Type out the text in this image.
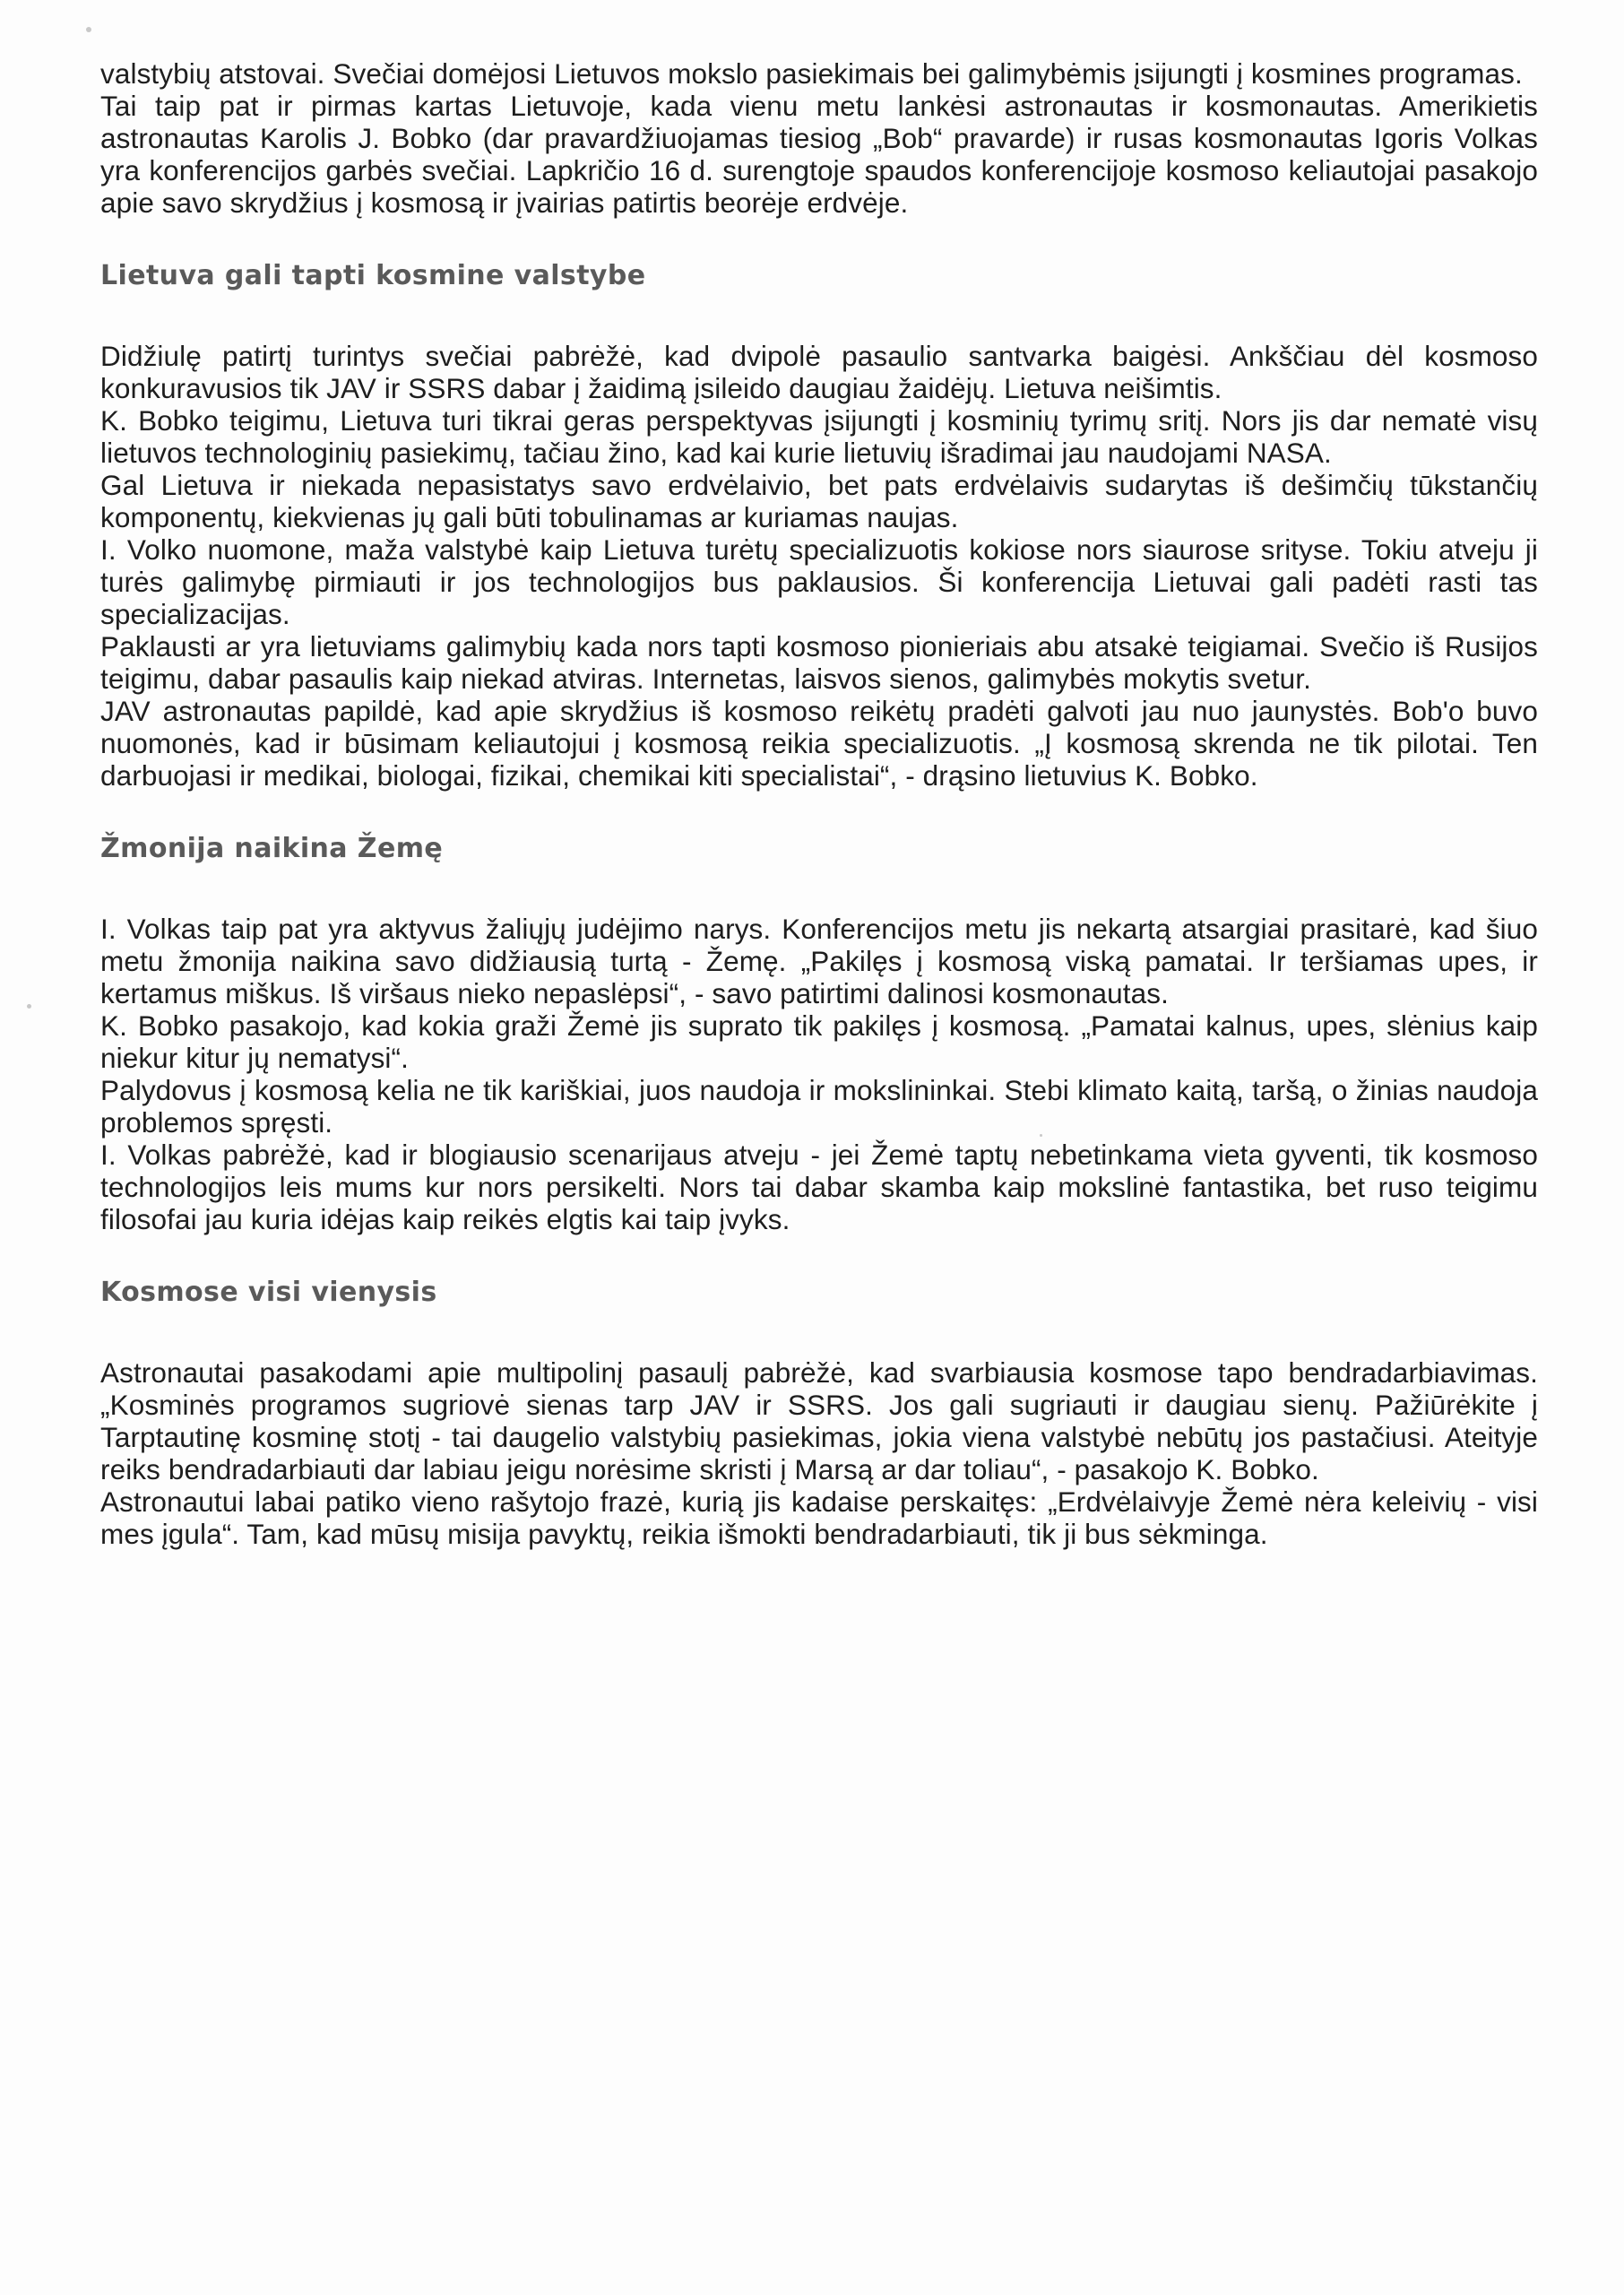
valstybių atstovai. Svečiai domėjosi Lietuvos mokslo pasiekimais bei galimybėmis įsijungti į kosmines programas.

Tai taip pat ir pirmas kartas Lietuvoje, kada vienu metu lankėsi astronautas ir kosmonautas. Amerikietis astronautas Karolis J. Bobko (dar pravardžiuojamas tiesiog „Bob“ pravarde) ir rusas kosmonautas Igoris Volkas yra konferencijos garbės svečiai. Lapkričio 16 d. surengtoje spaudos konferencijoje kosmoso keliautojai pasakojo apie savo skrydžius į kosmosą ir įvairias patirtis beorėje erdvėje.

Lietuva gali tapti kosmine valstybe

Didžiulę patirtį turintys svečiai pabrėžė, kad dvipolė pasaulio santvarka baigėsi. Ankščiau dėl kosmoso konkuravusios tik JAV ir SSRS dabar į žaidimą įsileido daugiau žaidėjų. Lietuva neišimtis.

K. Bobko teigimu, Lietuva turi tikrai geras perspektyvas įsijungti į kosminių tyrimų sritį. Nors jis dar nematė visų lietuvos technologinių pasiekimų, tačiau žino, kad kai kurie lietuvių išradimai jau naudojami NASA.

Gal Lietuva ir niekada nepasistatys savo erdvėlaivio, bet pats erdvėlaivis sudarytas iš dešimčių tūkstančių komponentų, kiekvienas jų gali būti tobulinamas ar kuriamas naujas.

I. Volko nuomone, maža valstybė kaip Lietuva turėtų specializuotis kokiose nors siaurose srityse. Tokiu atveju ji turės galimybę pirmiauti ir jos technologijos bus paklausios. Ši konferencija Lietuvai gali padėti rasti tas specializacijas.

Paklausti ar yra lietuviams galimybių kada nors tapti kosmoso pionieriais abu atsakė teigiamai. Svečio iš Rusijos teigimu, dabar pasaulis kaip niekad atviras. Internetas, laisvos sienos, galimybės mokytis svetur.

JAV astronautas papildė, kad apie skrydžius iš kosmoso reikėtų pradėti galvoti jau nuo jaunystės. Bob'o buvo nuomonės, kad ir būsimam keliautojui į kosmosą reikia specializuotis. „Į kosmosą skrenda ne tik pilotai. Ten darbuojasi ir medikai, biologai, fizikai, chemikai kiti specialistai“, - drąsino lietuvius K. Bobko.

Žmonija naikina Žemę

I. Volkas taip pat yra aktyvus žaliųjų judėjimo narys. Konferencijos metu jis nekartą atsargiai prasitarė, kad šiuo metu žmonija naikina savo didžiausią turtą - Žemę. „Pakilęs į kosmosą viską pamatai. Ir teršiamas upes, ir kertamus miškus. Iš viršaus nieko nepaslėpsi“, - savo patirtimi dalinosi kosmonautas.

K. Bobko pasakojo, kad kokia graži Žemė jis suprato tik pakilęs į kosmosą. „Pamatai kalnus, upes, slėnius kaip niekur kitur jų nematysi“.

Palydovus į kosmosą kelia ne tik kariškiai, juos naudoja ir mokslininkai. Stebi klimato kaitą, taršą, o žinias naudoja problemos spręsti.

I. Volkas pabrėžė, kad ir blogiausio scenarijaus atveju - jei Žemė taptų nebetinkama vieta gyventi, tik kosmoso technologijos leis mums kur nors persikelti. Nors tai dabar skamba kaip mokslinė fantastika, bet ruso teigimu filosofai jau kuria idėjas kaip reikės elgtis kai taip įvyks.

Kosmose visi vienysis

Astronautai pasakodami apie multipolinį pasaulį pabrėžė, kad svarbiausia kosmose tapo bendradarbiavimas. „Kosminės programos sugriovė sienas tarp JAV ir SSRS. Jos gali sugriauti ir daugiau sienų. Pažiūrėkite į Tarptautinę kosminę stotį - tai daugelio valstybių pasiekimas, jokia viena valstybė nebūtų jos pastačiusi. Ateityje reiks bendradarbiauti dar labiau jeigu norėsime skristi į Marsą ar dar toliau“, - pasakojo K. Bobko.

Astronautui labai patiko vieno rašytojo frazė, kurią jis kadaise perskaitęs: „Erdvėlaivyje Žemė nėra keleivių - visi mes įgula“. Tam, kad mūsų misija pavyktų, reikia išmokti bendradarbiauti, tik ji bus sėkminga.
